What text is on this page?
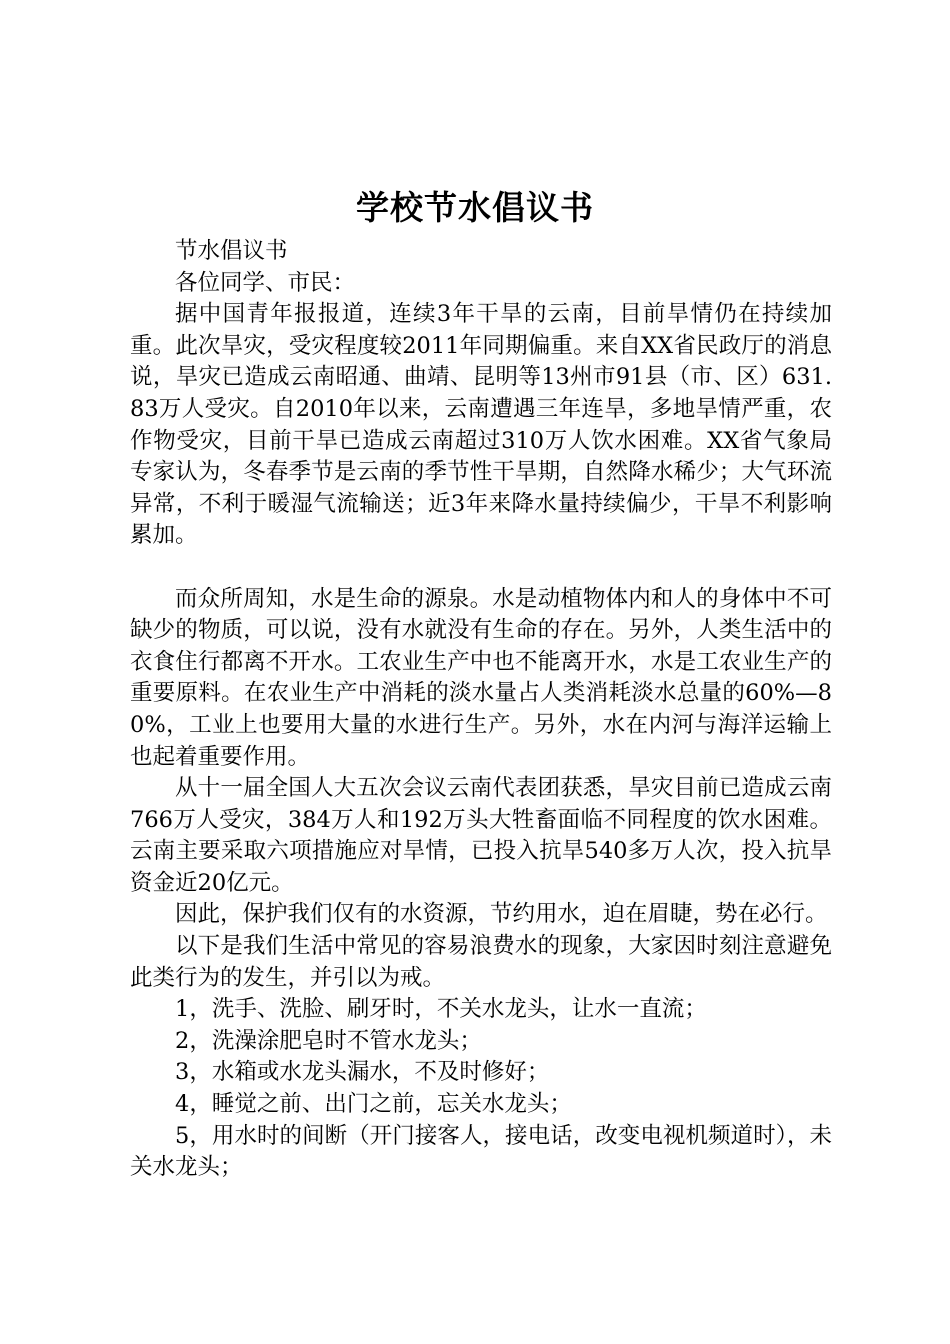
学校节水倡议书

节水倡议书

各位同学、市民：

据中国青年报报道，连续3年干旱的云南，目前旱情仍在持续加重。此次旱灾，受灾程度较2011年同期偏重。来自XX省民政厅的消息说，旱灾已造成云南昭通、曲靖、昆明等13州市91县（市、区）631.83万人受灾。自2010年以来，云南遭遇三年连旱，多地旱情严重，农作物受灾，目前干旱已造成云南超过310万人饮水困难。XX省气象局专家认为，冬春季节是云南的季节性干旱期，自然降水稀少；大气环流异常，不利于暖湿气流输送；近3年来降水量持续偏少，干旱不利影响累加。

而众所周知，水是生命的源泉。水是动植物体内和人的身体中不可缺少的物质，可以说，没有水就没有生命的存在。另外，人类生活中的衣食住行都离不开水。工农业生产中也不能离开水，水是工农业生产的重要原料。在农业生产中消耗的淡水量占人类消耗淡水总量的60%—80%，工业上也要用大量的水进行生产。另外，水在内河与海洋运输上也起着重要作用。

从十一届全国人大五次会议云南代表团获悉，旱灾目前已造成云南766万人受灾，384万人和192万头大牲畜面临不同程度的饮水困难。云南主要采取六项措施应对旱情，已投入抗旱540多万人次，投入抗旱资金近20亿元。

因此，保护我们仅有的水资源，节约用水，迫在眉睫，势在必行。

以下是我们生活中常见的容易浪费水的现象，大家因时刻注意避免此类行为的发生，并引以为戒。

1，洗手、洗脸、刷牙时，不关水龙头，让水一直流；

2，洗澡涂肥皂时不管水龙头；

3，水箱或水龙头漏水，不及时修好；

4，睡觉之前、出门之前，忘关水龙头；

5，用水时的间断（开门接客人，接电话，改变电视机频道时），未关水龙头；
